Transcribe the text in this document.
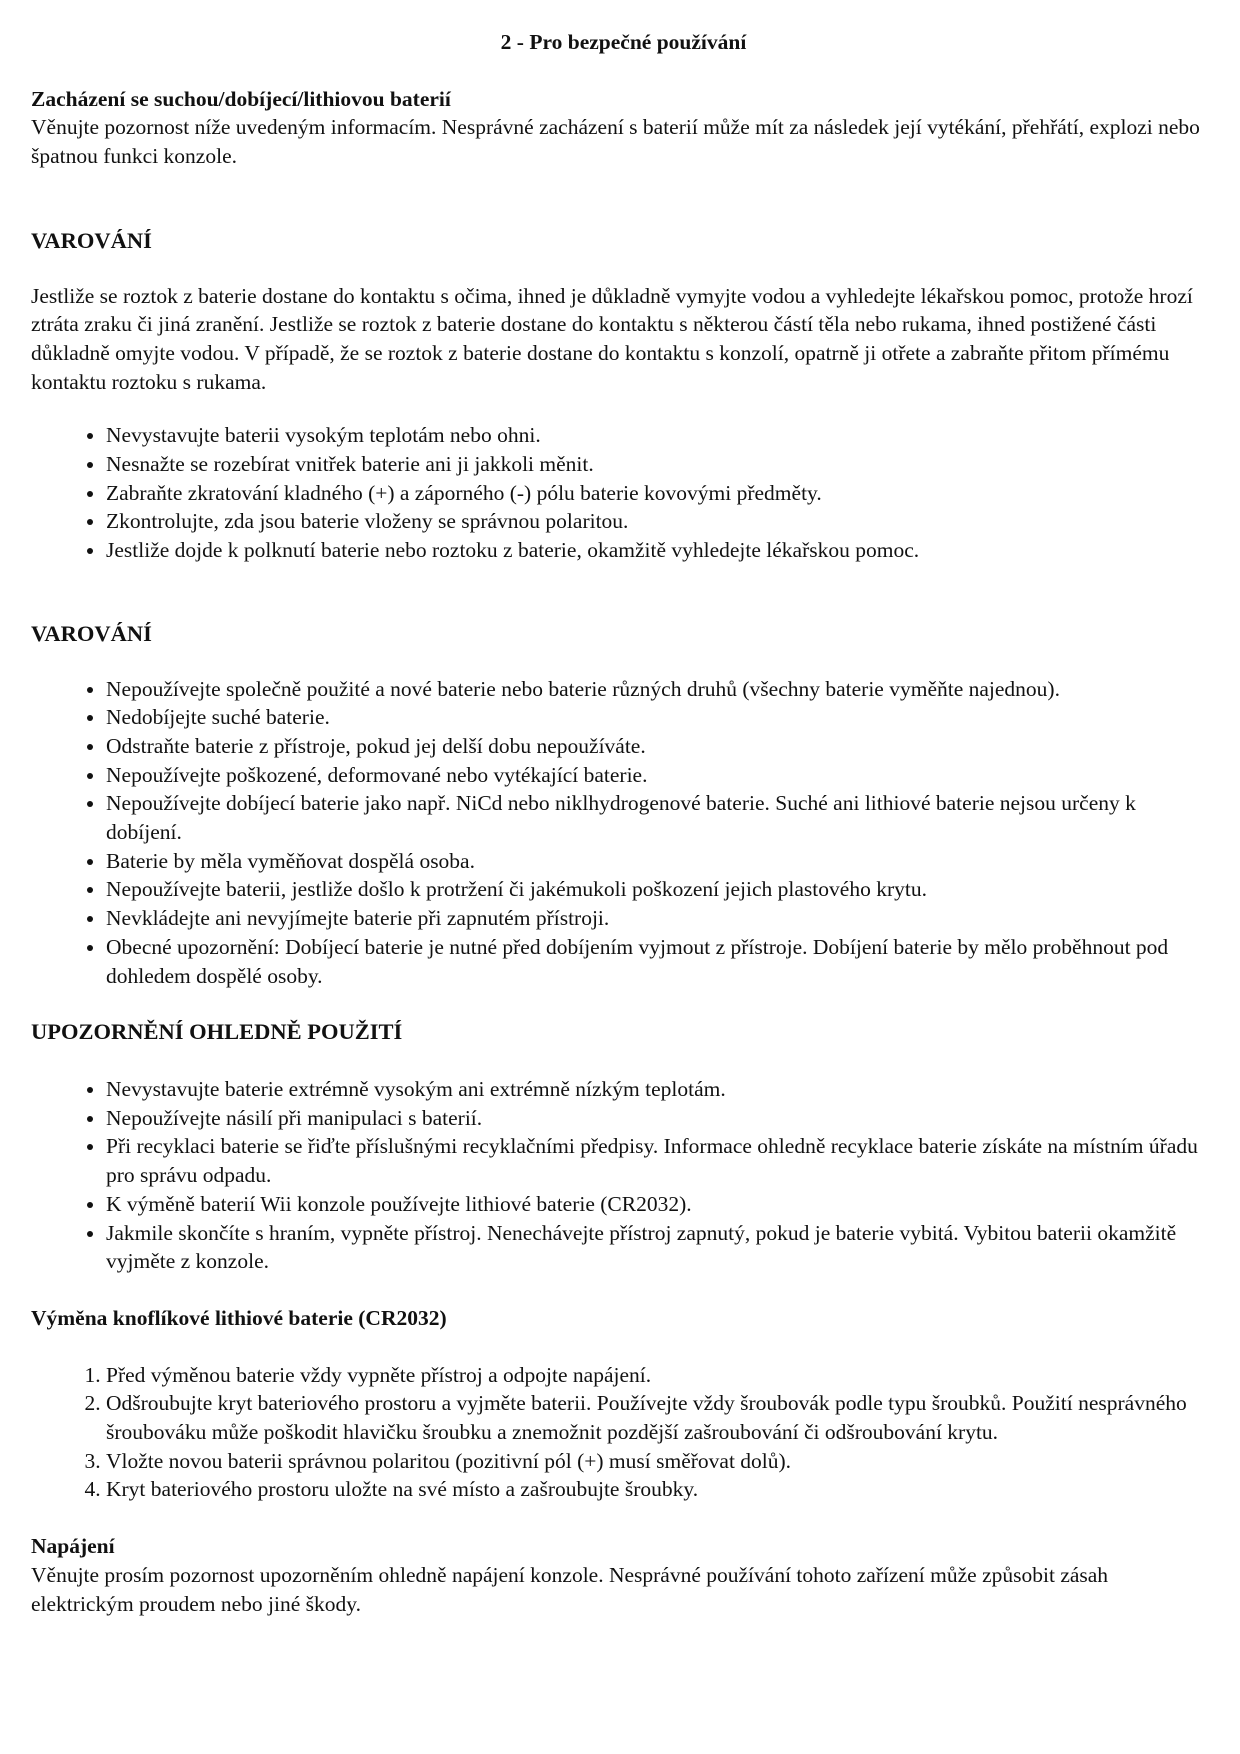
2 - Pro bezpečné používání

Zacházení se suchou/dobíjecí/lithiovou baterií

Věnujte pozornost níže uvedeným informacím. Nesprávné zacházení s baterií může mít za následek její vytékání, přehřátí, explozi nebo špatnou funkci konzole.

VAROVÁNÍ

Jestliže se roztok z baterie dostane do kontaktu s očima, ihned je důkladně vymyjte vodou a vyhledejte lékařskou pomoc, protože hrozí ztráta zraku či jiná zranění. Jestliže se roztok z baterie dostane do kontaktu s některou částí těla nebo rukama, ihned postižené části důkladně omyjte vodou. V případě, že se roztok z baterie dostane do kontaktu s konzolí, opatrně ji otřete a zabraňte přitom přímému kontaktu roztoku s rukama.

• Nevystavujte baterii vysokým teplotám nebo ohni.
• Nesnažte se rozebírat vnitřek baterie ani ji jakkoli měnit.
• Zabraňte zkratování kladného (+) a záporného (-) pólu baterie kovovými předměty.
• Zkontrolujte, zda jsou baterie vloženy se správnou polaritou.
• Jestliže dojde k polknutí baterie nebo roztoku z baterie, okamžitě vyhledejte lékařskou pomoc.

VAROVÁNÍ

• Nepoužívejte společně použité a nové baterie nebo baterie různých druhů (všechny baterie vyměňte najednou).
• Nedobíjejte suché baterie.
• Odstraňte baterie z přístroje, pokud jej delší dobu nepoužíváte.
• Nepoužívejte poškozené, deformované nebo vytékající baterie.
• Nepoužívejte dobíjecí baterie jako např. NiCd nebo niklhydrogenové baterie. Suché ani lithiové baterie nejsou určeny k dobíjení.
• Baterie by měla vyměňovat dospělá osoba.
• Nepoužívejte baterii, jestliže došlo k protržení či jakémukoli poškození jejich plastového krytu.
• Nevkládejte ani nevyjímejte baterie při zapnutém přístroji.
• Obecné upozornění: Dobíjecí baterie je nutné před dobíjením vyjmout z přístroje. Dobíjení baterie by mělo proběhnout pod dohledem dospělé osoby.

UPOZORNĚNÍ OHLEDNĚ POUŽITÍ

• Nevystavujte baterie extrémně vysokým ani extrémně nízkým teplotám.
• Nepoužívejte násilí při manipulaci s baterií.
• Při recyklaci baterie se řiďte příslušnými recyklačními předpisy. Informace ohledně recyklace baterie získáte na místním úřadu pro správu odpadu.
• K výměně baterií Wii konzole používejte lithiové baterie (CR2032).
• Jakmile skončíte s hraním, vypněte přístroj. Nenechávejte přístroj zapnutý, pokud je baterie vybitá. Vybitou baterii okamžitě vyjměte z konzole.

Výměna knoflíkové lithiové baterie (CR2032)

1. Před výměnou baterie vždy vypněte přístroj a odpojte napájení.
2. Odšroubujte kryt bateriového prostoru a vyjměte baterii. Používejte vždy šroubovák podle typu šroubků. Použití nesprávného šroubováku může poškodit hlavičku šroubku a znemožnit pozdější zašroubování či odšroubování krytu.
3. Vložte novou baterii správnou polaritou (pozitivní pól (+) musí směřovat dolů).
4. Kryt bateriového prostoru uložte na své místo a zašroubujte šroubky.

Napájení

Věnujte prosím pozornost upozorněním ohledně napájení konzole. Nesprávné používání tohoto zařízení může způsobit zásah elektrickým proudem nebo jiné škody.
